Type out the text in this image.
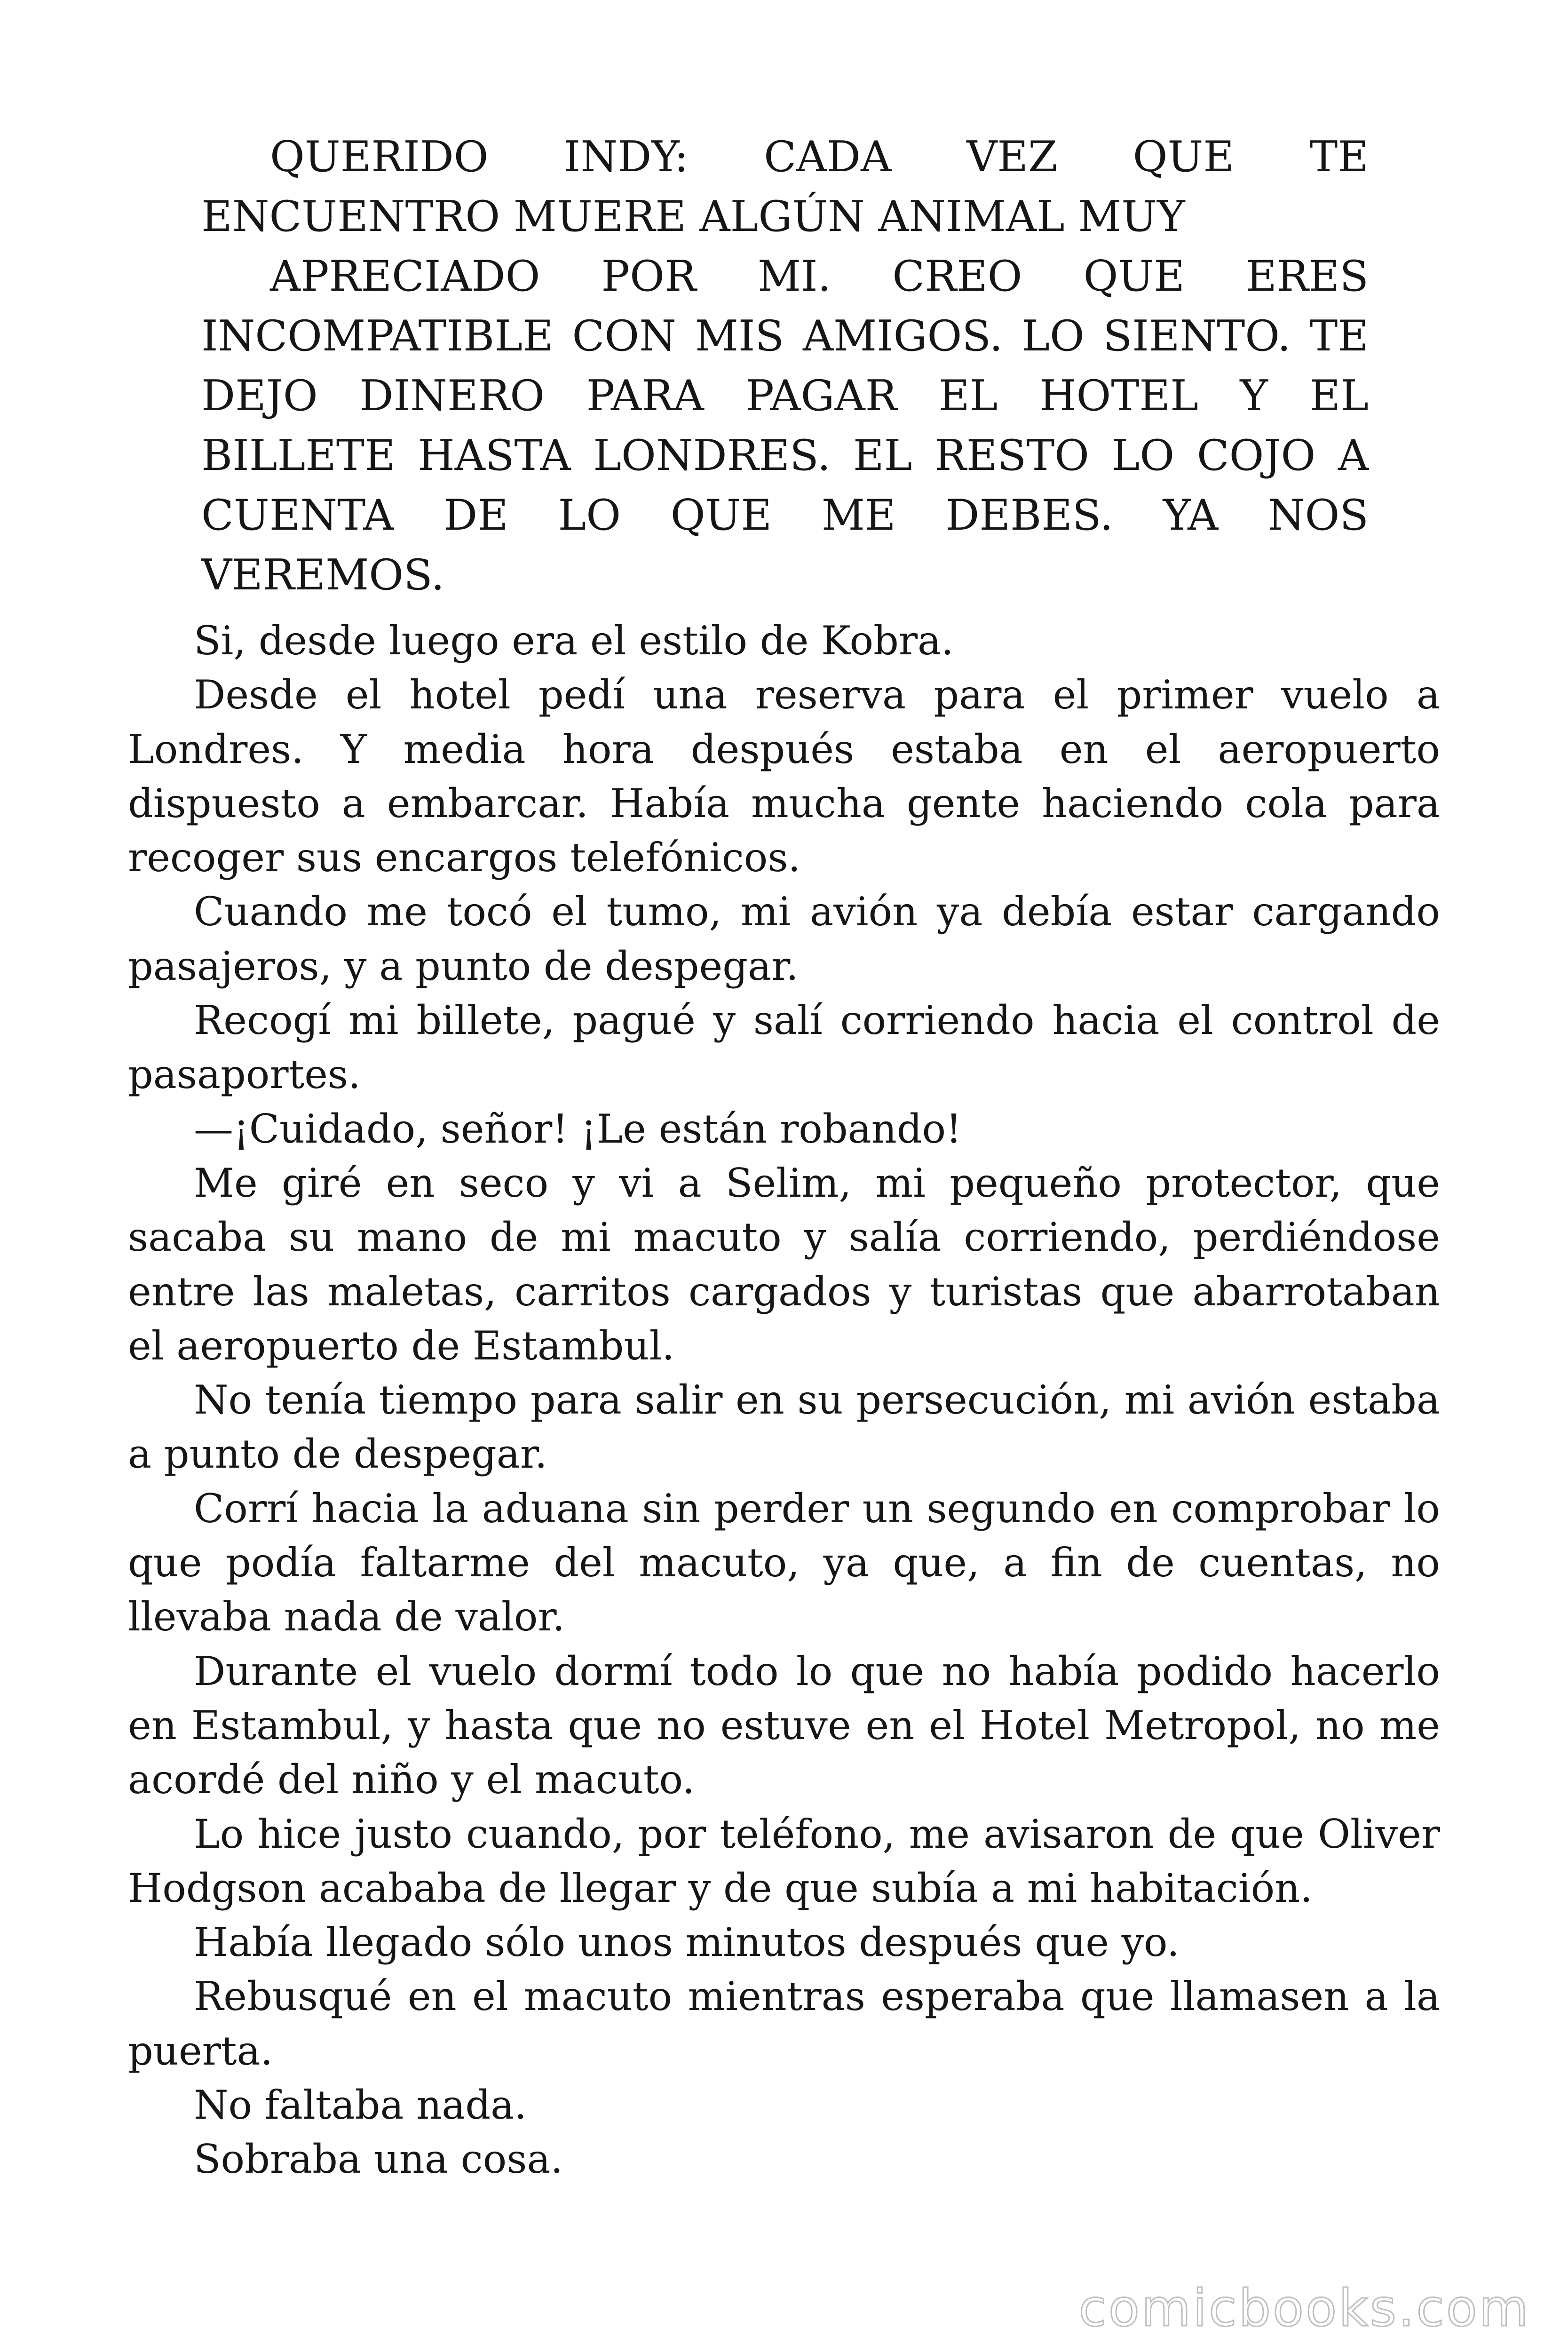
QUERIDO INDY: CADA VEZ QUE TE ENCUENTRO MUERE ALGÚN ANIMAL MUY

APRECIADO POR MI. CREO QUE ERES INCOMPATIBLE CON MIS AMIGOS. LO SIENTO. TE DEJO DINERO PARA PAGAR EL HOTEL Y EL BILLETE HASTA LONDRES. EL RESTO LO COJO A CUENTA DE LO QUE ME DEBES. YA NOS VEREMOS.

Si, desde luego era el estilo de Kobra.

Desde el hotel pedí una reserva para el primer vuelo a Londres. Y media hora después estaba en el aeropuerto dispuesto a embarcar. Había mucha gente haciendo cola para recoger sus encargos telefónicos.

Cuando me tocó el tumo, mi avión ya debía estar cargando pasajeros, y a punto de despegar.

Recogí mi billete, pagué y salí corriendo hacia el control de pasaportes.

—¡Cuidado, señor! ¡Le están robando!

Me giré en seco y vi a Selim, mi pequeño protector, que sacaba su mano de mi macuto y salía corriendo, perdiéndose entre las maletas, carritos cargados y turistas que abarrotaban el aeropuerto de Estambul.

No tenía tiempo para salir en su persecución, mi avión estaba a punto de despegar.

Corrí hacia la aduana sin perder un segundo en comprobar lo que podía faltarme del macuto, ya que, a fin de cuentas, no llevaba nada de valor.

Durante el vuelo dormí todo lo que no había podido hacerlo en Estambul, y hasta que no estuve en el Hotel Metropol, no me acordé del niño y el macuto.

Lo hice justo cuando, por teléfono, me avisaron de que Oliver Hodgson acababa de llegar y de que subía a mi habitación.

Había llegado sólo unos minutos después que yo.

Rebusqué en el macuto mientras esperaba que llamasen a la puerta.

No faltaba nada.

Sobraba una cosa.

comicbooks.com
